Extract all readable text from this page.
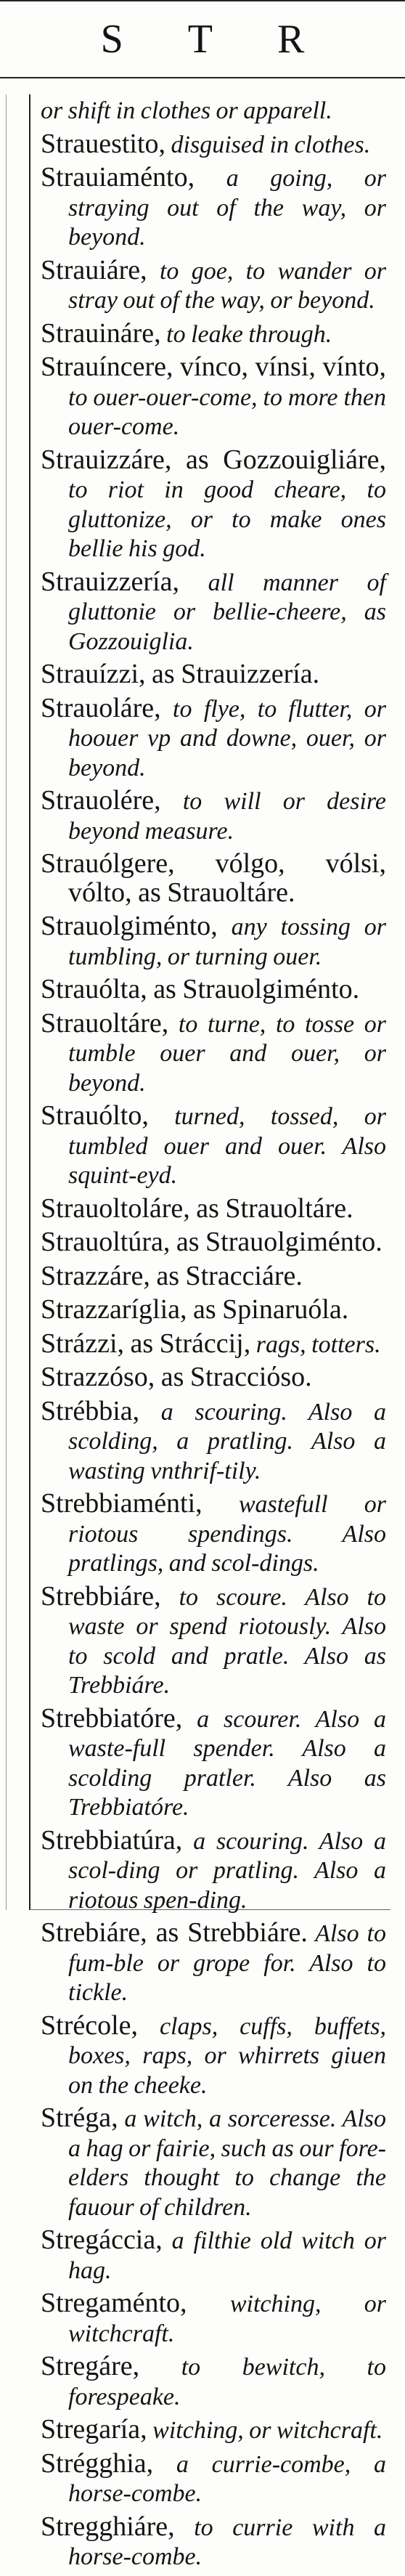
S T R

or shift in clothes or apparell.

Strauestito, disguised in clothes.

Strauiaménto, a going, or straying out of the way, or beyond.

Strauiáre, to goe, to wander or stray out of the way, or beyond.

Strauináre, to leake through.

Strauíncere, vínco, vínsi, vínto, to ouer-ouer-come, to more then ouer-come.

Strauizzáre, as Gozzouigliáre, to riot in good cheare, to gluttonize, or to make ones bellie his god.

Strauizzería, all manner of gluttonie or bellie-cheere, as Gozzouiglia.

Strauízzi, as Strauizzería.

Strauoláre, to flye, to flutter, or hoouer vp and downe, ouer, or beyond.

Strauolére, to will or desire beyond measure.

Strauólgere, vólgo, vólsi, vólto, as Strauoltáre.

Strauolgiménto, any tossing or tumbling, or turning ouer.

Strauólta, as Strauolgiménto.

Strauoltáre, to turne, to tosse or tumble ouer and ouer, or beyond.

Strauólto, turned, tossed, or tumbled ouer and ouer. Also squint-eyd.

Strauoltoláre, as Strauoltáre.

Strauoltúra, as Strauolgiménto.

Strazzáre, as Stracciáre.

Strazzaríglia, as Spinaruóla.

Strázzi, as Stráccij, rags, totters.

Strazzóso, as Stracciόso.

Strébbia, a scouring. Also a scolding, a pratling. Also a wasting vnthrif-tily.

Strebbiaménti, wastefull or riotous spendings. Also pratlings, and scol-dings.

Strebbiáre, to scoure. Also to waste or spend riotously. Also to scold and pratle. Also as Trebbiáre.

Strebbiatóre, a scourer. Also a waste-full spender. Also a scolding pratler. Also as Trebbiatóre.

Strebbiatúra, a scouring. Also a scol-ding or pratling. Also a riotous spen-ding.

Strebiáre, as Strebbiáre. Also to fum-ble or grope for. Also to tickle.

Strécole, claps, cuffs, buffets, boxes, raps, or whirrets giuen on the cheeke.

Stréga, a witch, a sorceresse. Also a hag or fairie, such as our fore-elders thought to change the fauour of children.

Stregáccia, a filthie old witch or hag.

Stregaménto, witching, or witchcraft.

Stregáre, to bewitch, to forespeake.

Stregaría, witching, or witchcraft.

Strégghia, a currie-combe, a horse-combe.

Stregghiáre, to currie with a horse-combe.
